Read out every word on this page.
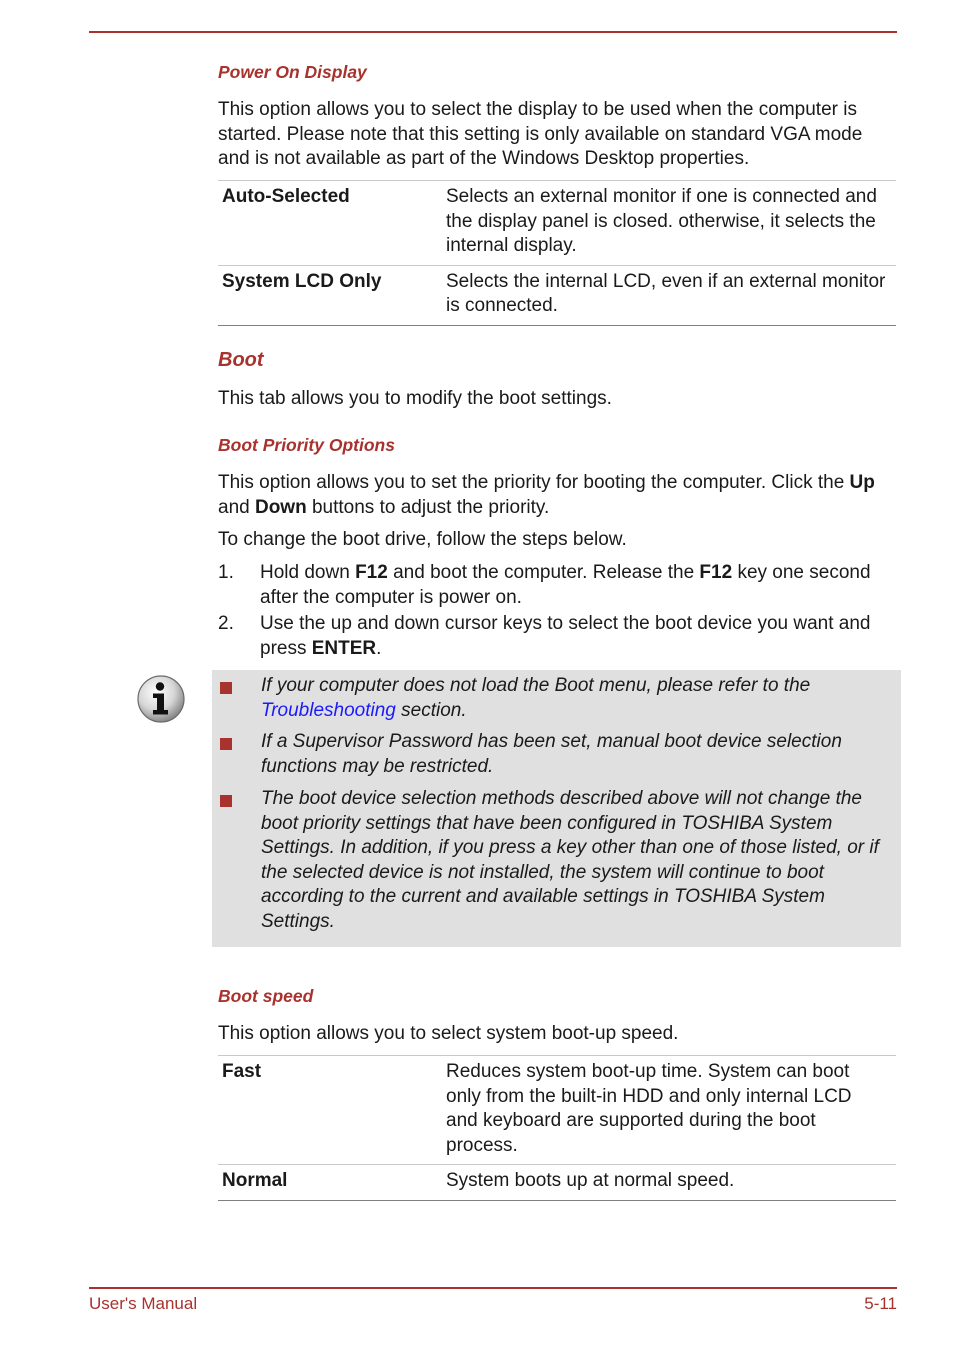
Power On Display

This option allows you to select the display to be used when the computer is started. Please note that this setting is only available on standard VGA mode and is not available as part of the Windows Desktop properties.

Auto-Selected	Selects an external monitor if one is connected and the display panel is closed. otherwise, it selects the internal display.
System LCD Only	Selects the internal LCD, even if an external monitor is connected.
Boot

This tab allows you to modify the boot settings.

Boot Priority Options

This option allows you to set the priority for booting the computer. Click the Up and Down buttons to adjust the priority.

To change the boot drive, follow the steps below.

1.	Hold down F12 and boot the computer. Release the F12 key one second after the computer is power on.
2.	Use the up and down cursor keys to select the boot device you want and press ENTER.
Boot speed

This option allows you to select system boot-up speed.

Fast	Reduces system boot-up time. System can boot only from the built-in HDD and only internal LCD and keyboard are supported during the boot process.
Normal	System boots up at normal speed.
If your computer does not load the Boot menu, please refer to the Troubleshooting section.
If a Supervisor Password has been set, manual boot device selection functions may be restricted.
The boot device selection methods described above will not change the boot priority settings that have been configured in TOSHIBA System Settings. In addition, if you press a key other than one of those listed, or if the selected device is not installed, the system will continue to boot according to the current and available settings in TOSHIBA System Settings.
User's Manual	5-11
